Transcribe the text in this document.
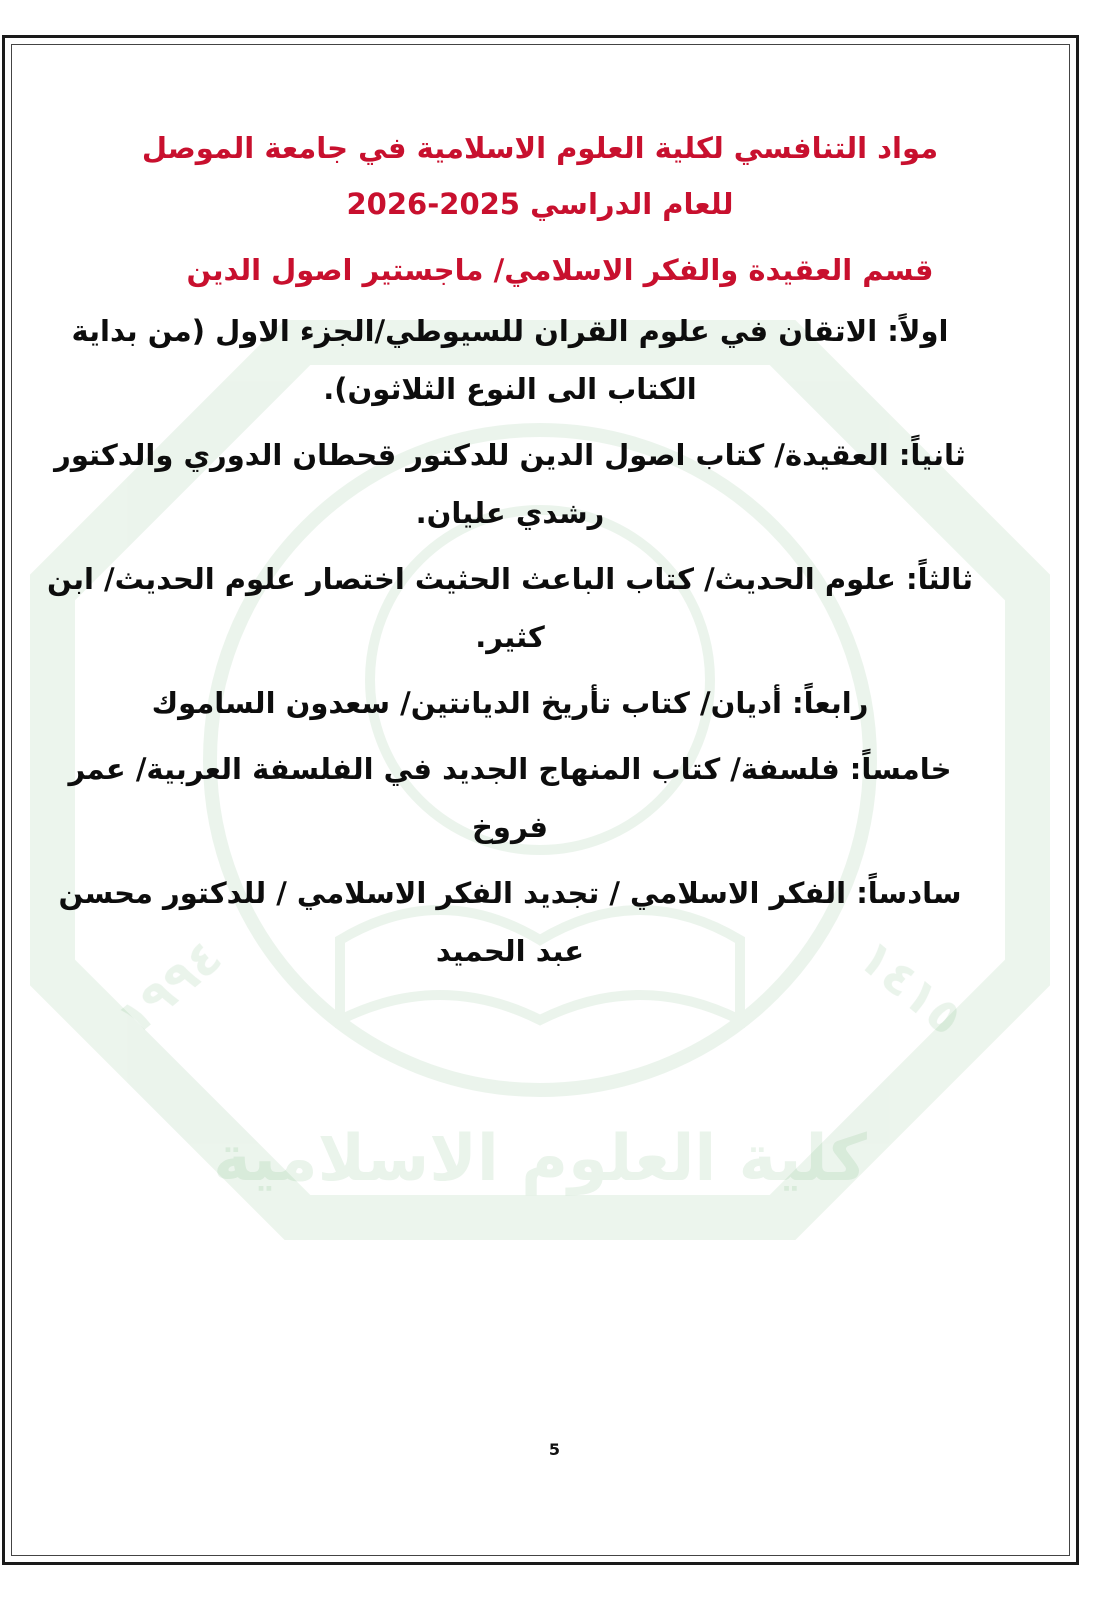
كلية العلوم الاسلامية
١٩٩٤	١٤١٥

مواد التنافسي لكلية العلوم الاسلامية في جامعة الموصل
للعام الدراسي 2025-2026

قسم العقيدة والفكر الاسلامي/ ماجستير اصول الدين

اولاً: الاتقان في علوم القران للسيوطي/الجزء الاول (من بداية الكتاب الى النوع الثلاثون).

ثانياً: العقيدة/ كتاب اصول الدين للدكتور قحطان الدوري والدكتور رشدي عليان.

ثالثاً: علوم الحديث/ كتاب الباعث الحثيث اختصار علوم الحديث/ ابن كثير.

رابعاً: أديان/ كتاب تأريخ الديانتين/ سعدون الساموك

خامساً: فلسفة/ كتاب المنهاج الجديد في الفلسفة العربية/ عمر فروخ

سادساً: الفكر الاسلامي / تجديد الفكر الاسلامي / للدكتور محسن عبد الحميد

5
